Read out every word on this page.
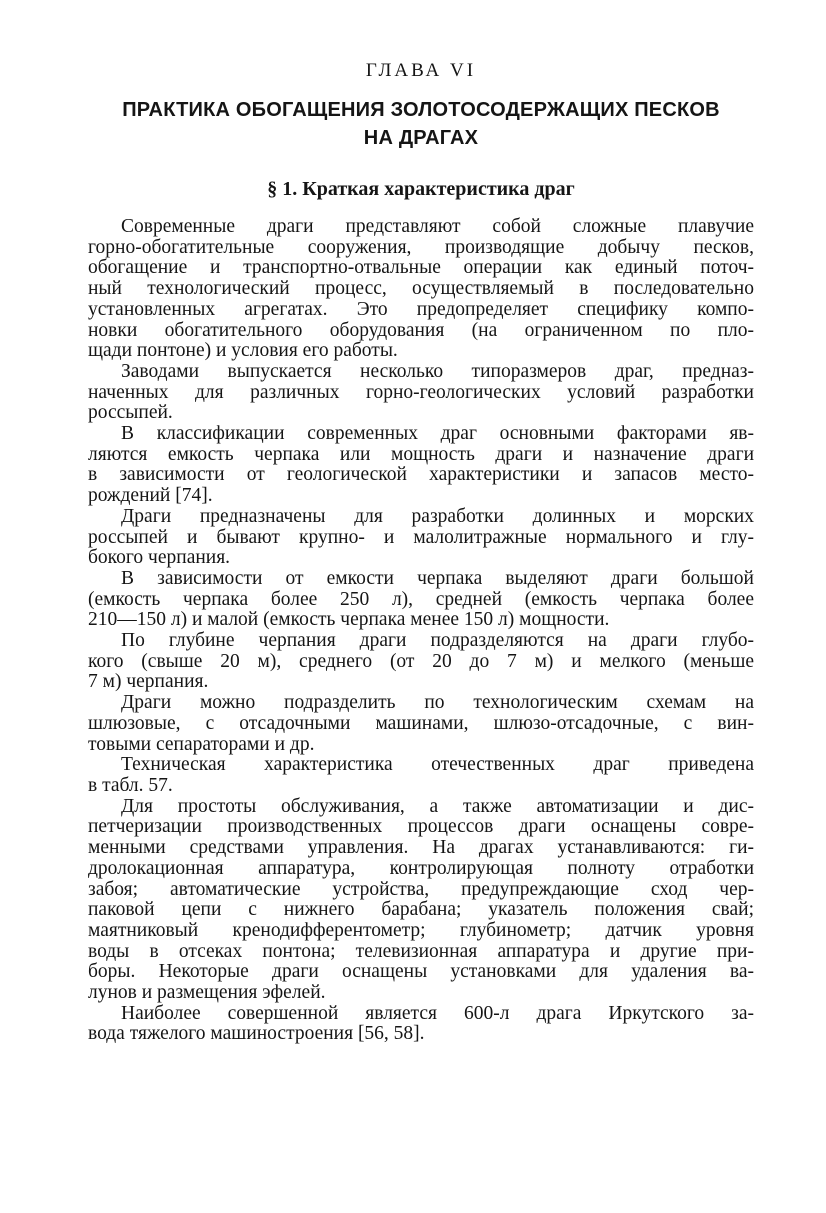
ГЛАВА VI
ПРАКТИКА ОБОГАЩЕНИЯ ЗОЛОТОСОДЕРЖАЩИХ ПЕСКОВ
НА ДРАГАХ
§ 1. Краткая характеристика драг
Современные драги представляют собой сложные плавучие
горно-обогатительные сооружения, производящие добычу песков,
обогащение и транспортно-отвальные операции как единый поточ-
ный технологический процесс, осуществляемый в последовательно
установленных агрегатах. Это предопределяет специфику компо-
новки обогатительного оборудования (на ограниченном по пло-
щади понтоне) и условия его работы.
Заводами выпускается несколько типоразмеров драг, предназ-
наченных для различных горно-геологических условий разработки
россыпей.
В классификации современных драг основными факторами яв-
ляются емкость черпака или мощность драги и назначение драги
в зависимости от геологической характеристики и запасов место-
рождений [74].
Драги предназначены для разработки долинных и морских
россыпей и бывают крупно- и малолитражные нормального и глу-
бокого черпания.
В зависимости от емкости черпака выделяют драги большой
(емкость черпака более 250 л), средней (емкость черпака более
210—150 л) и малой (емкость черпака менее 150 л) мощности.
По глубине черпания драги подразделяются на драги глубо-
кого (свыше 20 м), среднего (от 20 до 7 м) и мелкого (меньше
7 м) черпания.
Драги можно подразделить по технологическим схемам на
шлюзовые, с отсадочными машинами, шлюзо-отсадочные, с вин-
товыми сепараторами и др.
Техническая характеристика отечественных драг приведена
в табл. 57.
Для простоты обслуживания, а также автоматизации и дис-
петчеризации производственных процессов драги оснащены совре-
менными средствами управления. На драгах устанавливаются: ги-
дролокационная аппаратура, контролирующая полноту отработки
забоя; автоматические устройства, предупреждающие сход чер-
паковой цепи с нижнего барабана; указатель положения свай;
маятниковый кренодифферентометр; глубинометр; датчик уровня
воды в отсеках понтона; телевизионная аппаратура и другие при-
боры. Некоторые драги оснащены установками для удаления ва-
лунов и размещения эфелей.
Наиболее совершенной является 600-л драга Иркутского за-
вода тяжелого машиностроения [56, 58].
